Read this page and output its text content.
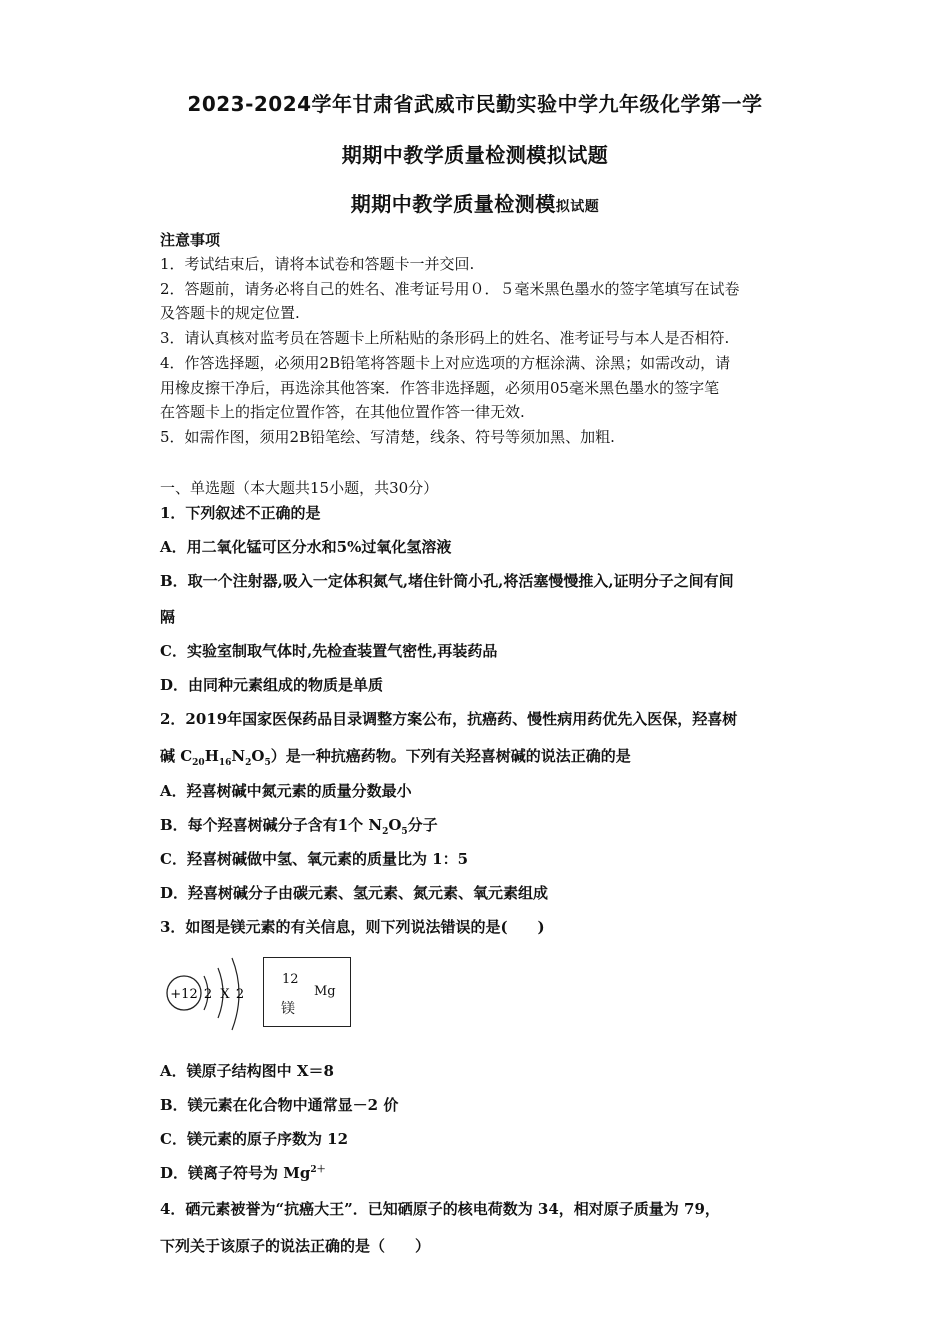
2023-2024学年甘肃省武威市民勤实验中学九年级化学第一学
期期中教学质量检测模拟试题
期期中教学质量检测模拟试题
注意事项
1．考试结束后，请将本试卷和答题卡一并交回.
2．答题前，请务必将自己的姓名、准考证号用０．５毫米黑色墨水的签字笔填写在试卷
及答题卡的规定位置.
3．请认真核对监考员在答题卡上所粘贴的条形码上的姓名、准考证号与本人是否相符.
4．作答选择题，必须用2B铅笔将答题卡上对应选项的方框涂满、涂黑；如需改动，请
用橡皮擦干净后，再选涂其他答案．作答非选择题，必须用05毫米黑色墨水的签字笔
在答题卡上的指定位置作答，在其他位置作答一律无效.
5．如需作图，须用2B铅笔绘、写清楚，线条、符号等须加黑、加粗.
一、单选题（本大题共15小题，共30分）
1．下列叙述不正确的是
A．用二氧化锰可区分水和5%过氧化氢溶液
B．取一个注射器,吸入一定体积氮气,堵住针筒小孔,将活塞慢慢推入,证明分子之间有间
隔
C．实验室制取气体时,先检查装置气密性,再装药品
D．由同种元素组成的物质是单质
2．2019年国家医保药品目录调整方案公布，抗癌药、慢性病用药优先入医保，羟喜树
碱 $C_{20}H_{16}N_2O_5$）是一种抗癌药物。下列有关羟喜树碱的说法正确的是
A．羟喜树碱中氮元素的质量分数最小
B．每个羟喜树碱分子含有1个 $N_2O_5$分子
C．羟喜树碱做中氢、氧元素的质量比为 1：5
D．羟喜树碱分子由碳元素、氢元素、氮元素、氧元素组成
3．如图是镁元素的有关信息，则下列说法错误的是(　　)
+12 2 X 2
12
Mg
镁
A．镁原子结构图中 X＝8
B．镁元素在化合物中通常显－2 价
C．镁元素的原子序数为 12
D．镁离子符号为 $Mg^{2+}$
4．硒元素被誉为“抗癌大王”．已知硒原子的核电荷数为 34，相对原子质量为 79，
下列关于该原子的说法正确的是（　　）
